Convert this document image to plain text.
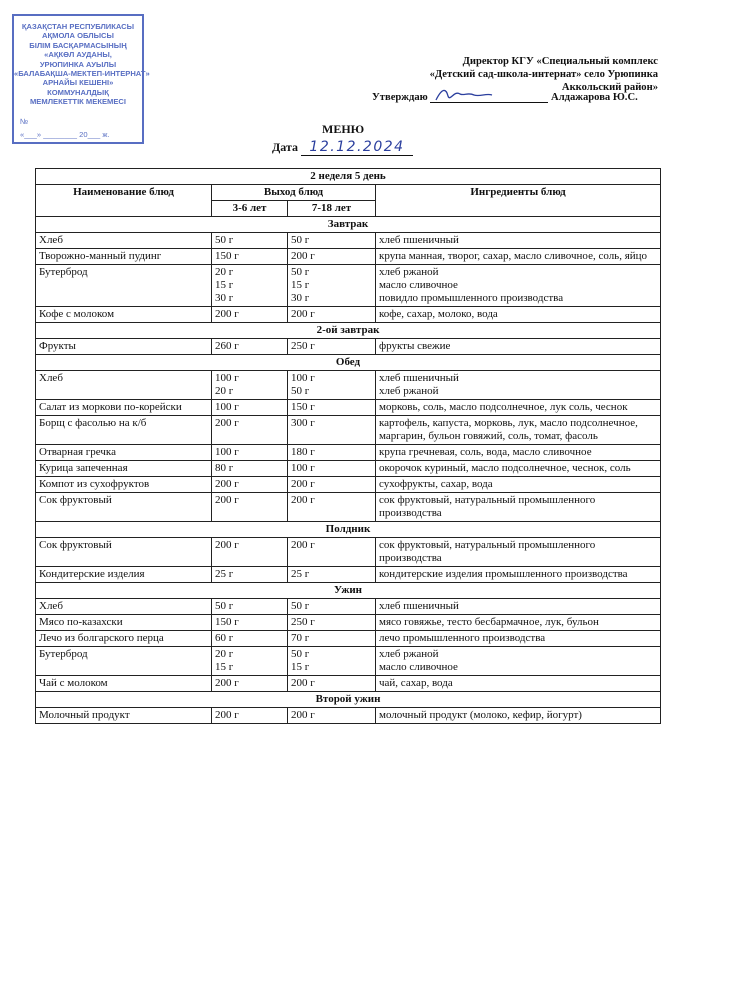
ҚАЗАҚСТАН РЕСПУБЛИКАСЫ
АҚМОЛА ОБЛЫСЫ
БІЛІМ БАСҚАРМАСЫНЫҢ
«АҚКӨЛ АУДАНЫ,
УРЮПИНКА АУЫЛЫ
«БАЛАБАҚША-МЕКТЕП-ИНТЕРНАТ»
АРНАЙЫ КЕШЕНІ»
КОММУНАЛДЫҚ
МЕМЛЕКЕТТІК МЕКЕМЕСІ
№
«___» ________ 20___ ж.
Директор КГУ «Специальный комплекс
«Детский сад-школа-интернат» село Урюпинка
Аккольский район»
Утверждаю	Алдажарова Ю.С.
МЕНЮ
Дата 12.12.2024
2 неделя 5 день			
Наименование блюд	Выход блюд		Ингредиенты блюд
	3-6 лет	7-18 лет	
Завтрак			
Хлеб	50 г	50 г	хлеб пшеничный
Творожно-манный пудинг	150 г	200 г	крупа манная, творог, сахар, масло сливочное, соль, яйцо
Бутерброд	20 г
15 г
30 г	50 г
15 г
30 г	хлеб ржаной
масло сливочное
повидло промышленного производства
Кофе с молоком	200 г	200 г	кофе, сахар, молоко, вода
2-ой завтрак			
Фрукты	260 г	250 г	фрукты свежие
Обед			
Хлеб	100 г
20 г	100 г
50 г	хлеб пшеничный
хлеб ржаной
Салат из моркови по-корейски	100 г	150 г	морковь, соль, масло подсолнечное, лук соль, чеснок
Борщ с фасолью на к/б	200 г	300 г	картофель, капуста, морковь, лук, масло подсолнечное, маргарин, бульон говяжий, соль, томат, фасоль
Отварная гречка	100 г	180 г	крупа гречневая, соль, вода, масло сливочное
Курица запеченная	80 г	100 г	окорочок куриный, масло подсолнечное, чеснок, соль
Компот из сухофруктов	200 г	200 г	сухофрукты, сахар, вода
Сок фруктовый	200 г	200 г	сок фруктовый, натуральный промышленного производства
Полдник			
Сок фруктовый	200 г	200 г	сок фруктовый, натуральный промышленного производства
Кондитерские изделия	25 г	25 г	кондитерские изделия промышленного производства
Ужин			
Хлеб	50 г	50 г	хлеб пшеничный
Мясо по-казахски	150 г	250 г	мясо говяжье, тесто бесбармачное, лук, бульон
Лечо из болгарского перца	60 г	70 г	лечо промышленного производства
Бутерброд	20 г
15 г	50 г
15 г	хлеб ржаной
масло сливочное
Чай с молоком	200 г	200 г	чай, сахар, вода
Второй ужин			
Молочный продукт	200 г	200 г	молочный продукт (молоко, кефир, йогурт)
